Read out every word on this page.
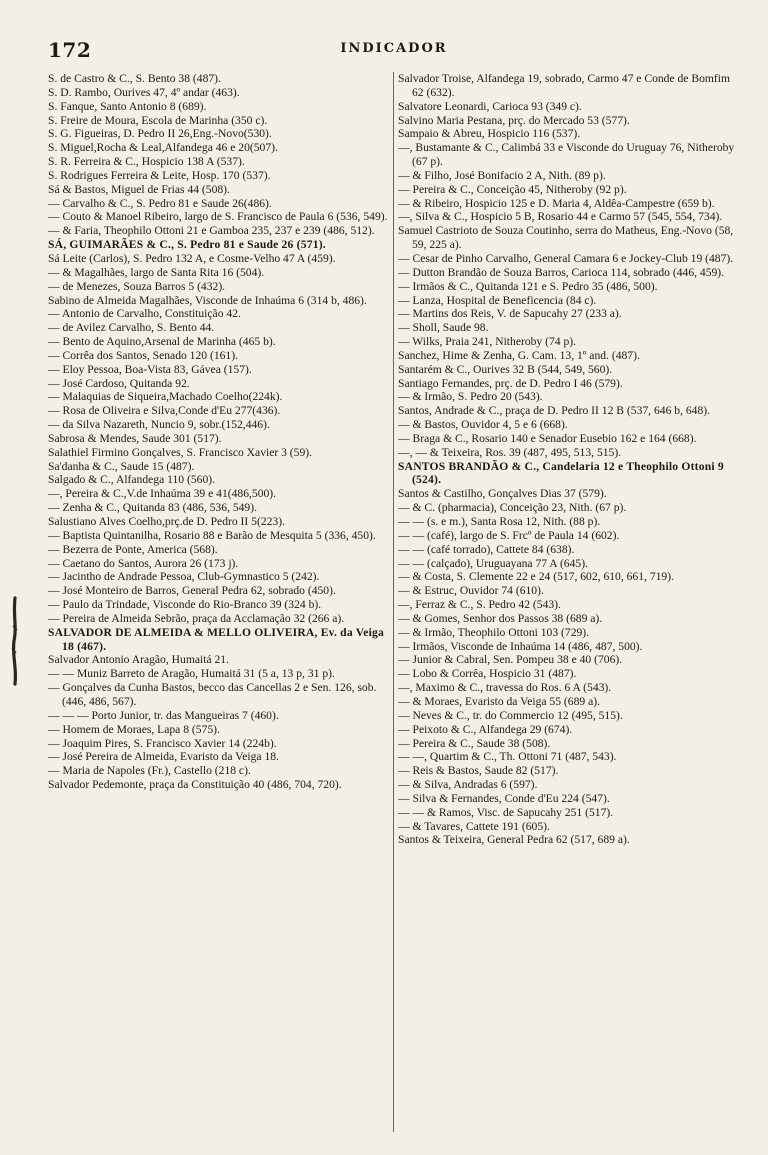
172	INDICADOR
S. de Castro & C., S. Bento 38 (487).
S. D. Rambo, Ourives 47, 4º andar (463).
S. Fanque, Santo Antonio 8 (689).
S. Freire de Moura, Escola de Marinha (350 c).
S. G. Figueiras, D. Pedro II 26,Eng.-Novo(530).
S. Miguel,Rocha & Leal,Alfandega 46 e 20(507).
S. R. Ferreira & C., Hospicio 138 A (537).
S. Rodrigues Ferreira & Leite, Hosp. 170 (537).
Sá & Bastos, Miguel de Frias 44 (508).
— Carvalho & C., S. Pedro 81 e Saude 26(486).
— Couto & Manoel Ribeiro, largo de S. Francisco de Paula 6 (536, 549).
— & Faria, Theophilo Ottoni 21 e Gamboa 235, 237 e 239 (486, 512).
SÁ, GUIMARÃES & C., S. Pedro 81 e Saude 26 (571).
Sá Leite (Carlos), S. Pedro 132 A, e Cosme-Velho 47 A (459).
— & Magalhães, largo de Santa Rita 16 (504).
— de Menezes, Souza Barros 5 (432).
Sabino de Almeida Magalhães, Visconde de Inhaúma 6 (314 b, 486).
— Antonio de Carvalho, Constituição 42.
— de Avilez Carvalho, S. Bento 44.
— Bento de Aquino,Arsenal de Marinha (465 b).
— Corrêa dos Santos, Senado 120 (161).
— Eloy Pessoa, Boa-Vista 83, Gávea (157).
— José Cardoso, Quitanda 92.
— Malaquias de Siqueira,Machado Coelho(224k).
— Rosa de Oliveira e Silva,Conde d'Eu 277(436).
— da Silva Nazareth, Nuncio 9, sobr.(152,446).
Sabrosa & Mendes, Saude 301 (517).
Salathiel Firmino Gonçalves, S. Francisco Xavier 3 (59).
Sa'danha & C., Saude 15 (487).
Salgado & C., Alfandega 110 (560).
—, Pereira & C.,V.de Inhaúma 39 e 41(486,500).
— Zenha & C., Quitanda 83 (486, 536, 549).
Salustiano Alves Coelho,prç.de D. Pedro II 5(223).
— Baptista Quintanilha, Rosario 88 e Barão de Mesquita 5 (336, 450).
— Bezerra de Ponte, America (568).
— Caetano do Santos, Aurora 26 (173 j).
— Jacintho de Andrade Pessoa, Club-Gymnastico 5 (242).
— José Monteiro de Barros, General Pedra 62, sobrado (450).
— Paulo da Trindade, Visconde do Rio-Branco 39 (324 b).
— Pereira de Almeida Sebrão, praça da Acclamação 32 (266 a).
SALVADOR DE ALMEIDA & MELLO OLIVEIRA, Ev. da Veiga 18 (467).
Salvador Antonio Aragão, Humaitá 21.
— — Muniz Barreto de Aragão, Humaitá 31 (5 a, 13 p, 31 p).
— Gonçalves da Cunha Bastos, becco das Cancellas 2 e Sen. 126, sob. (446, 486, 567).
— — — Porto Junior, tr. das Mangueiras 7 (460).
— Homem de Moraes, Lapa 8 (575).
— Joaquim Pires, S. Francisco Xavier 14 (224b).
— José Pereira de Almeida, Evaristo da Veiga 18.
— Maria de Napoles (Fr.), Castello (218 c).
Salvador Pedemonte, praça da Constituição 40 (486, 704, 720).
Salvador Troise, Alfandega 19, sobrado, Carmo 47 e Conde de Bomfim 62 (632).
Salvatore Leonardi, Carioca 93 (349 c).
Salvino Maria Pestana, prç. do Mercado 53 (577).
Sampaio & Abreu, Hospicio 116 (537).
—, Bustamante & C., Calimbá 33 e Visconde do Uruguay 76, Nitheroby (67 p).
— & Filho, José Bonifacio 2 A, Nith. (89 p).
— Pereira & C., Conceição 45, Nitheroby (92 p).
— & Ribeiro, Hospicio 125 e D. Maria 4, Aldêa-Campestre (659 b).
—, Silva & C., Hospicio 5 B, Rosario 44 e Carmo 57 (545, 554, 734).
Samuel Castrioto de Souza Coutinho, serra do Matheus, Eng.-Novo (58, 59, 225 a).
— Cesar de Pinho Carvalho, General Camara 6 e Jockey-Club 19 (487).
— Dutton Brandão de Souza Barros, Carioca 114, sobrado (446, 459).
— Irmãos & C., Quitanda 121 e S. Pedro 35 (486, 500).
— Lanza, Hospital de Beneficencia (84 c).
— Martins dos Reis, V. de Sapucahy 27 (233 a).
— Sholl, Saude 98.
— Wilks, Praia 241, Nitheroby (74 p).
Sanchez, Hime & Zenha, G. Cam. 13, 1º and. (487).
Santarém & C., Ourives 32 B (544, 549, 560).
Santiago Fernandes, prç. de D. Pedro I 46 (579).
— & Irmão, S. Pedro 20 (543).
Santos, Andrade & C., praça de D. Pedro II 12 B (537, 646 b, 648).
— & Bastos, Ouvidor 4, 5 e 6 (668).
— Braga & C., Rosario 140 e Senador Eusebio 162 e 164 (668).
—, — & Teixeira, Ros. 39 (487, 495, 513, 515).
SANTOS BRANDÃO & C., Candelaria 12 e Theophilo Ottoni 9 (524).
Santos & Castilho, Gonçalves Dias 37 (579).
— & C. (pharmacia), Conceição 23, Nith. (67 p).
— — (s. e m.), Santa Rosa 12, Nith. (88 p).
— — (café), largo de S. Frcº de Paula 14 (602).
— — (café torrado), Cattete 84 (638).
— — (calçado), Uruguayana 77 A (645).
— & Costa, S. Clemente 22 e 24 (517, 602, 610, 661, 719).
— & Estruc, Ouvidor 74 (610).
—, Ferraz & C., S. Pedro 42 (543).
— & Gomes, Senhor dos Passos 38 (689 a).
— & Irmão, Theophilo Ottoni 103 (729).
— Irmãos, Visconde de Inhaúma 14 (486, 487, 500).
— Junior & Cabral, Sen. Pompeu 38 e 40 (706).
— Lobo & Corrêa, Hospicio 31 (487).
—, Maximo & C., travessa do Ros. 6 A (543).
— & Moraes, Evaristo da Veiga 55 (689 a).
— Neves & C., tr. do Commercio 12 (495, 515).
— Peixoto & C., Alfandega 29 (674).
— Pereira & C., Saude 38 (508).
— —, Quartim & C., Th. Ottoni 71 (487, 543).
— Reis & Bastos, Saude 82 (517).
— & Silva, Andradas 6 (597).
— Silva & Fernandes, Conde d'Eu 224 (547).
— — & Ramos, Visc. de Sapucahy 251 (517).
— & Tavares, Cattete 191 (605).
Santos & Teixeira, General Pedra 62 (517, 689 a).
